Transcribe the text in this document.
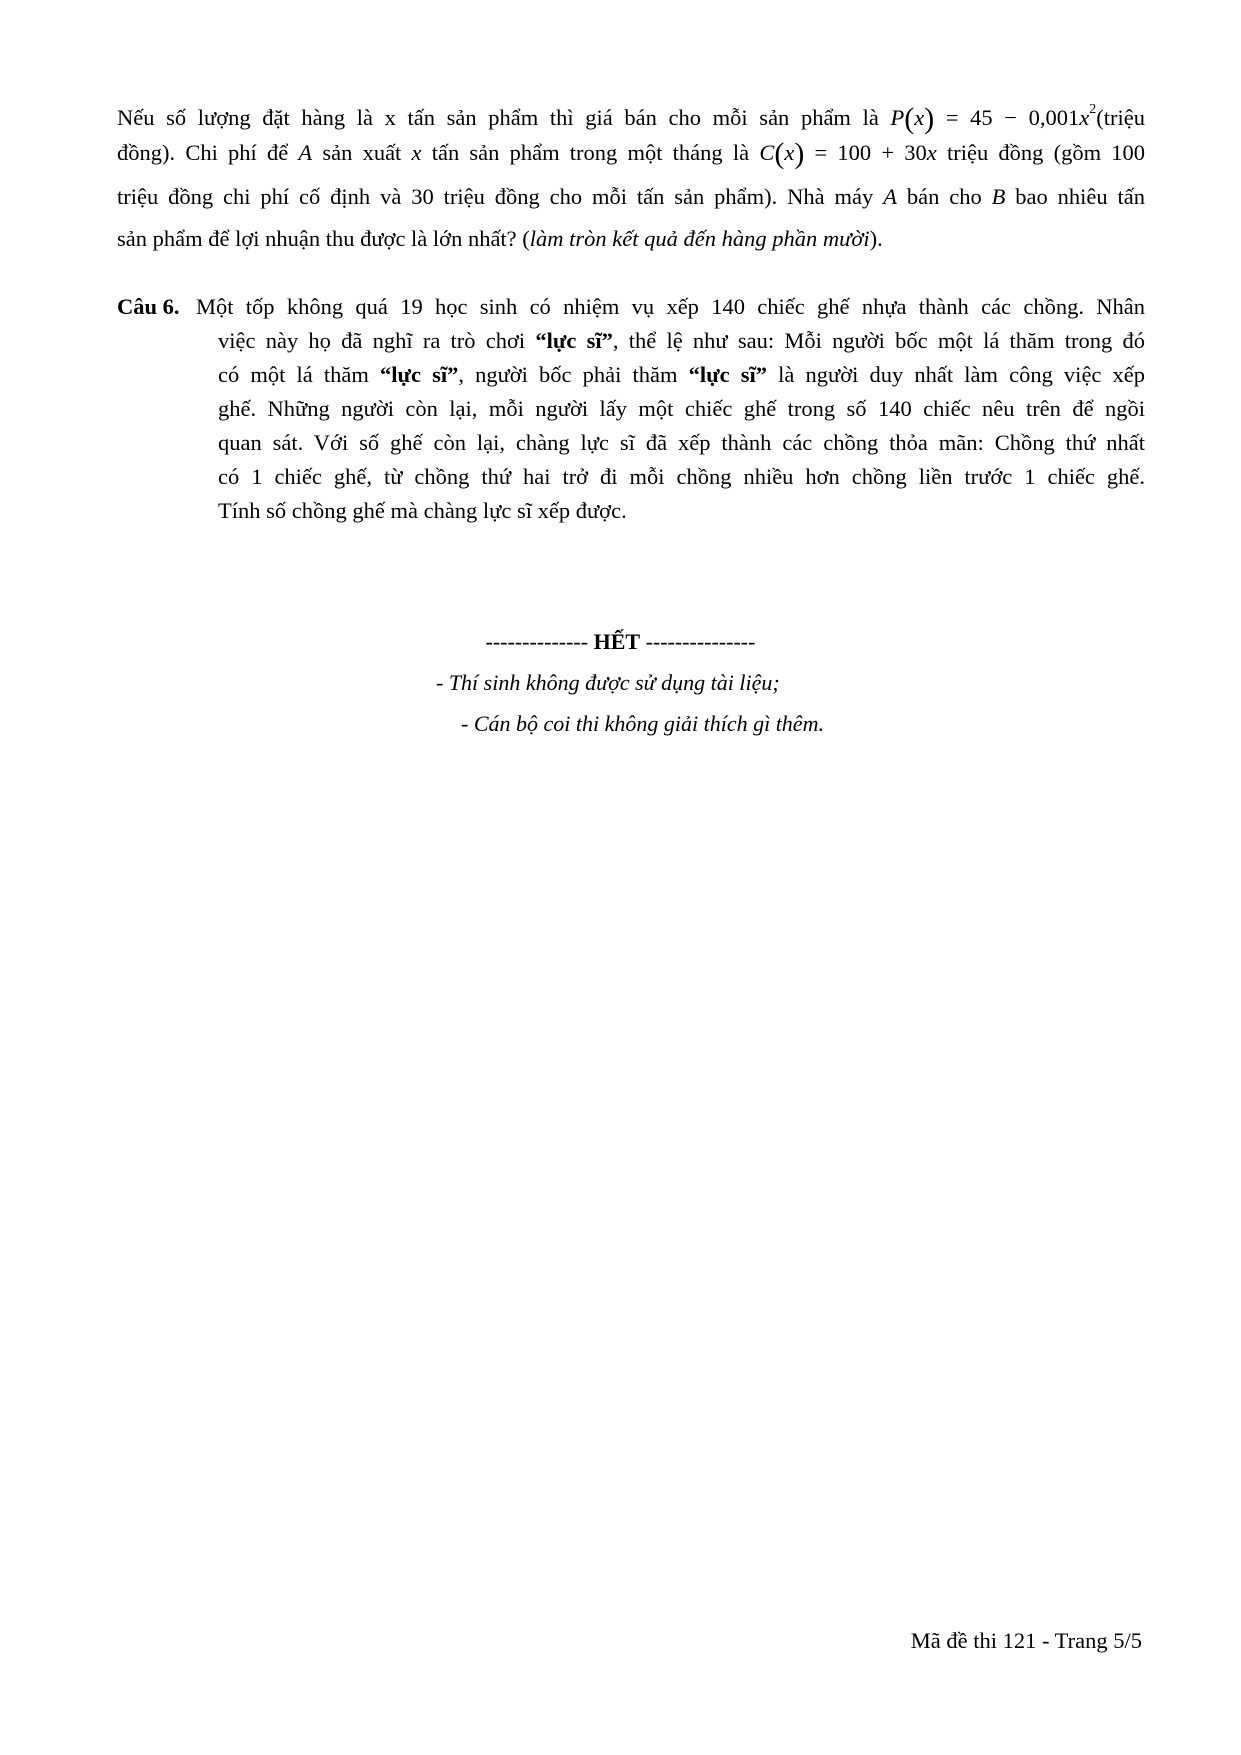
Nếu số lượng đặt hàng là x tấn sản phẩm thì giá bán cho mỗi sản phẩm là $P(x) = 45 - 0,001x^2(triệu$
đồng). Chi phí để A sản xuất x tấn sản phẩm trong một tháng là C(x) = 100 + 30x triệu đồng (gồm 100
triệu đồng chi phí cố định và 30 triệu đồng cho mỗi tấn sản phẩm). Nhà máy A bán cho B bao nhiêu tấn
sản phẩm để lợi nhuận thu được là lớn nhất? (làm tròn kết quả đến hàng phần mười).
Câu 6. Một tốp không quá 19 học sinh có nhiệm vụ xếp 140 chiếc ghế nhựa thành các chồng. Nhân
việc này họ đã nghĩ ra trò chơi “lực sĩ”, thể lệ như sau: Mỗi người bốc một lá thăm trong đó
có một lá thăm “lực sĩ”, người bốc phải thăm “lực sĩ” là người duy nhất làm công việc xếp
ghế. Những người còn lại, mỗi người lấy một chiếc ghế trong số 140 chiếc nêu trên để ngồi
quan sát. Với số ghế còn lại, chàng lực sĩ đã xếp thành các chồng thỏa mãn: Chồng thứ nhất
có 1 chiếc ghế, từ chồng thứ hai trở đi mỗi chồng nhiều hơn chồng liền trước 1 chiếc ghế.
Tính số chồng ghế mà chàng lực sĩ xếp được.
-------------- HẾT ---------------
- Thí sinh không được sử dụng tài liệu;
- Cán bộ coi thi không giải thích gì thêm.
Mã đề thi 121 - Trang 5/5
